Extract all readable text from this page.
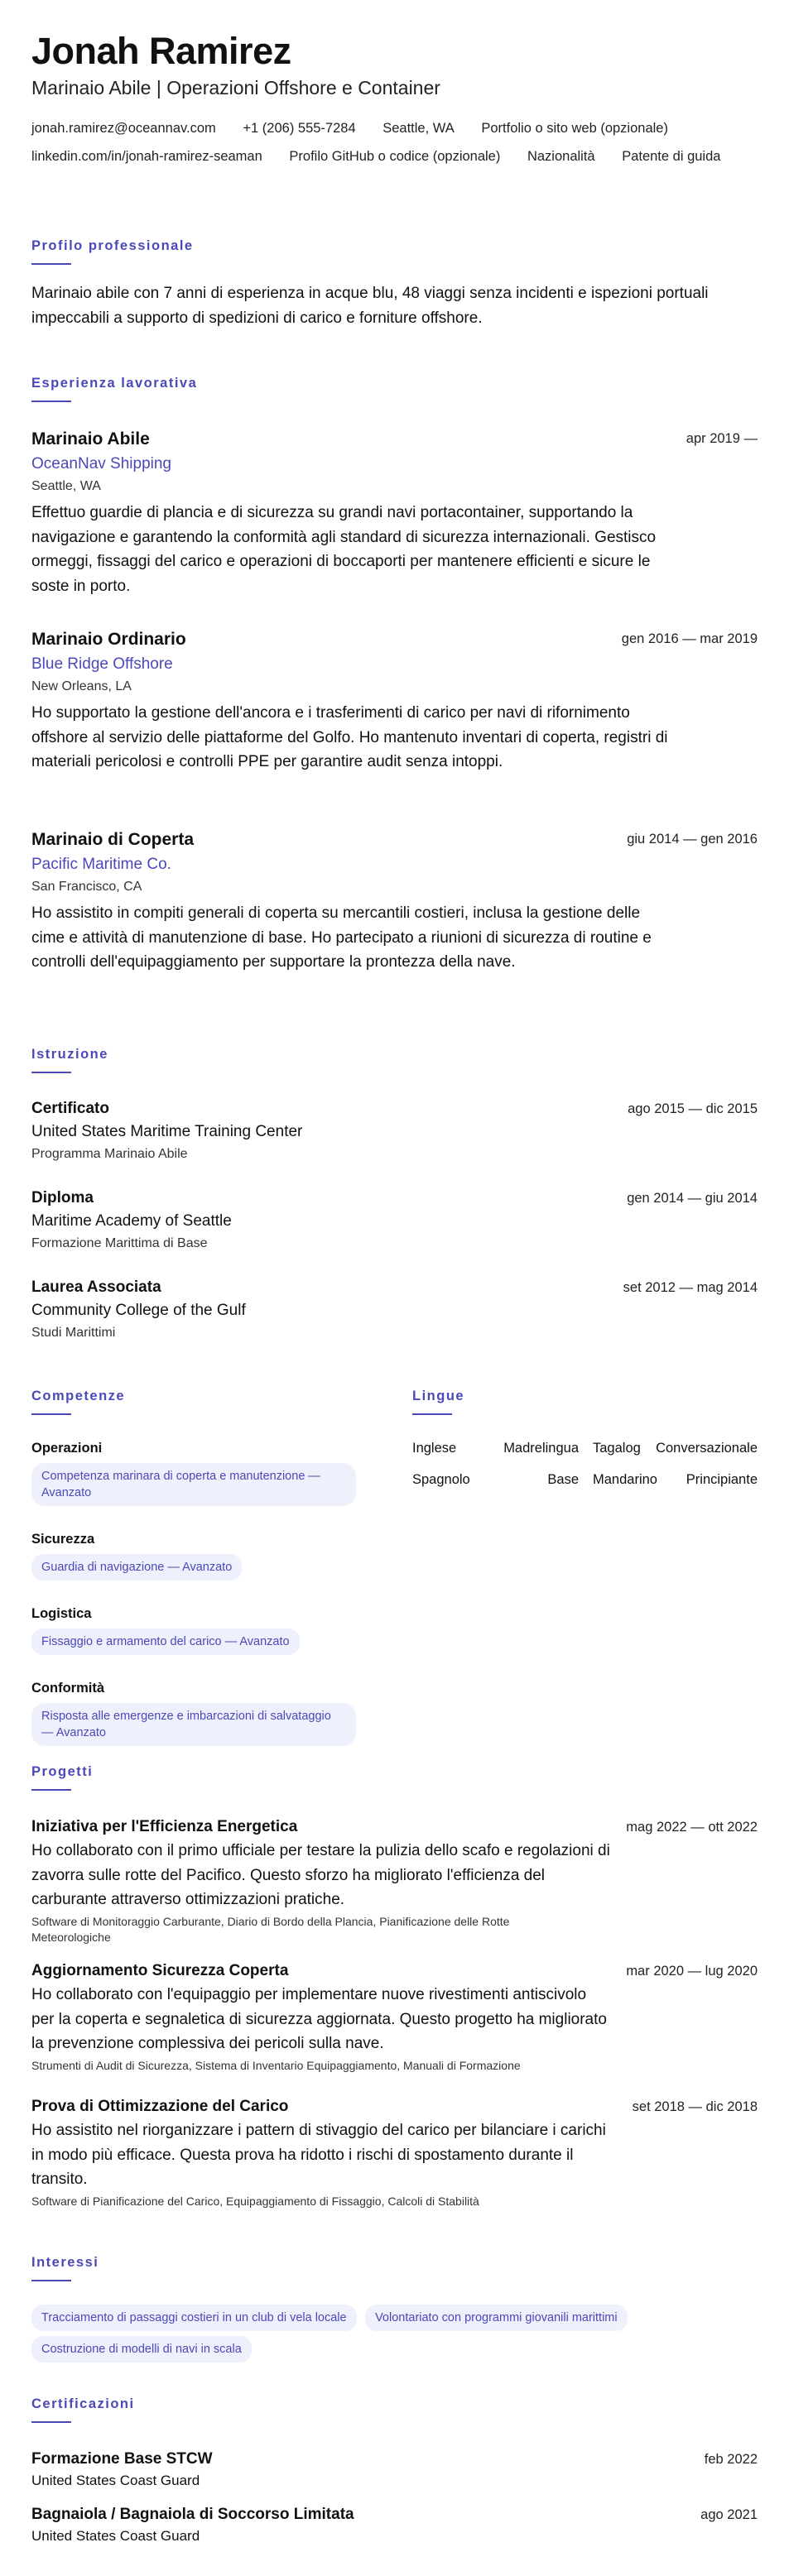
Jonah Ramirez
Marinaio Abile | Operazioni Offshore e Container
jonah.ramirez@oceannav.com +1 (206) 555-7284 Seattle, WA Portfolio o sito web (opzionale) linkedin.com/in/jonah-ramirez-seaman Profilo GitHub o codice (opzionale) Nazionalità Patente di guida
Profilo professionale
Marinaio abile con 7 anni di esperienza in acque blu, 48 viaggi senza incidenti e ispezioni portuali impeccabili a supporto di spedizioni di carico e forniture offshore.
Esperienza lavorativa
Marinaio Abile	apr 2019 —
OceanNav Shipping
Seattle, WA
Effettuo guardie di plancia e di sicurezza su grandi navi portacontainer, supportando la navigazione e garantendo la conformità agli standard di sicurezza internazionali. Gestisco ormeggi, fissaggi del carico e operazioni di boccaporti per mantenere efficienti e sicure le soste in porto.
Marinaio Ordinario	gen 2016 — mar 2019
Blue Ridge Offshore
New Orleans, LA
Ho supportato la gestione dell'ancora e i trasferimenti di carico per navi di rifornimento offshore al servizio delle piattaforme del Golfo. Ho mantenuto inventari di coperta, registri di materiali pericolosi e controlli PPE per garantire audit senza intoppi.
Marinaio di Coperta	giu 2014 — gen 2016
Pacific Maritime Co.
San Francisco, CA
Ho assistito in compiti generali di coperta su mercantili costieri, inclusa la gestione delle cime e attività di manutenzione di base. Ho partecipato a riunioni di sicurezza di routine e controlli dell'equipaggiamento per supportare la prontezza della nave.
Istruzione
Certificato	ago 2015 — dic 2015
United States Maritime Training Center
Programma Marinaio Abile
Diploma	gen 2014 — giu 2014
Maritime Academy of Seattle
Formazione Marittima di Base
Laurea Associata	set 2012 — mag 2014
Community College of the Gulf
Studi Marittimi
Competenze
Operazioni
Competenza marinara di coperta e manutenzione — Avanzato
Sicurezza
Guardia di navigazione — Avanzato
Logistica
Fissaggio e armamento del carico — Avanzato
Conformità
Risposta alle emergenze e imbarcazioni di salvataggio — Avanzato
Lingue
Inglese	Madrelingua Tagalog Conversazionale
Spagnolo	Base Mandarino Principiante
Progetti
Iniziativa per l'Efficienza Energetica	mag 2022 — ott 2022
Ho collaborato con il primo ufficiale per testare la pulizia dello scafo e regolazioni di zavorra sulle rotte del Pacifico. Questo sforzo ha migliorato l'efficienza del carburante attraverso ottimizzazioni pratiche.
Software di Monitoraggio Carburante, Diario di Bordo della Plancia, Pianificazione delle Rotte Meteorologiche
Aggiornamento Sicurezza Coperta	mar 2020 — lug 2020
Ho collaborato con l'equipaggio per implementare nuove rivestimenti antiscivolo per la coperta e segnaletica di sicurezza aggiornata. Questo progetto ha migliorato la prevenzione complessiva dei pericoli sulla nave.
Strumenti di Audit di Sicurezza, Sistema di Inventario Equipaggiamento, Manuali di Formazione
Prova di Ottimizzazione del Carico	set 2018 — dic 2018
Ho assistito nel riorganizzare i pattern di stivaggio del carico per bilanciare i carichi in modo più efficace. Questa prova ha ridotto i rischi di spostamento durante il transito.
Software di Pianificazione del Carico, Equipaggiamento di Fissaggio, Calcoli di Stabilità
Interessi
Tracciamento di passaggi costieri in un club di vela locale Volontariato con programmi giovanili marittimi
Costruzione di modelli di navi in scala
Certificazioni
Formazione Base STCW	feb 2022
United States Coast Guard
Bagnaiola / Bagnaiola di Soccorso Limitata	ago 2021
United States Coast Guard
